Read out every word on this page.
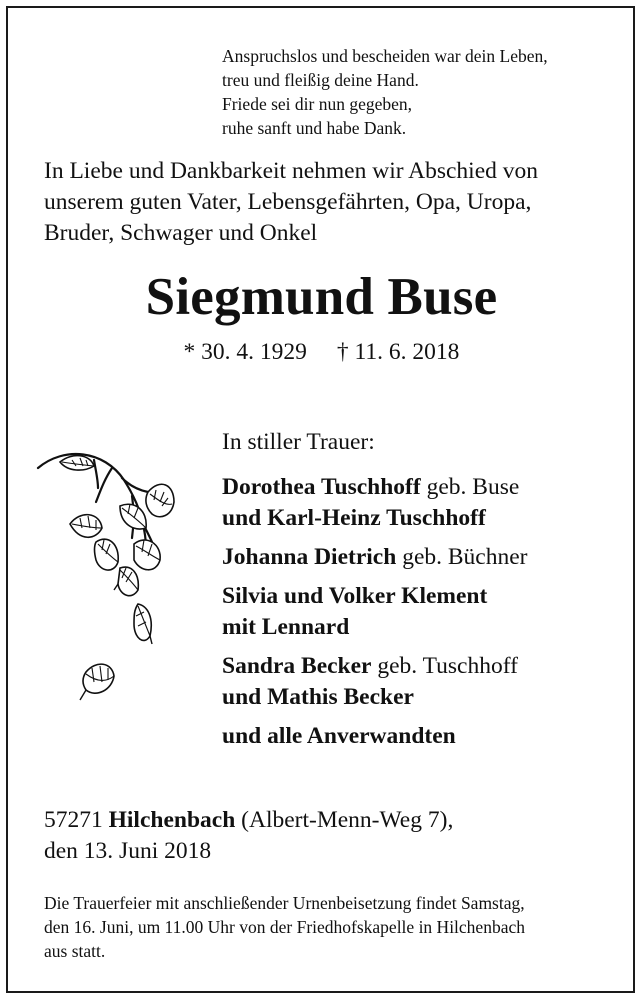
Anspruchslos und bescheiden war dein Leben,
treu und fleißig deine Hand.
Friede sei dir nun gegeben,
ruhe sanft und habe Dank.
In Liebe und Dankbarkeit nehmen wir Abschied von
unserem guten Vater, Lebensgefährten, Opa, Uropa,
Bruder, Schwager und Onkel
Siegmund Buse
* 30. 4. 1929 † 11. 6. 2018
In stiller Trauer:
Dorothea Tuschhoff geb. Buse
und Karl-Heinz Tuschhoff
Johanna Dietrich geb. Büchner
Silvia und Volker Klement
mit Lennard
Sandra Becker geb. Tuschhoff
und Mathis Becker
und alle Anverwandten
57271 Hilchenbach (Albert-Menn-Weg 7),
den 13. Juni 2018
Die Trauerfeier mit anschließender Urnenbeisetzung findet Samstag,
den 16. Juni, um 11.00 Uhr von der Friedhofskapelle in Hilchenbach
aus statt.
